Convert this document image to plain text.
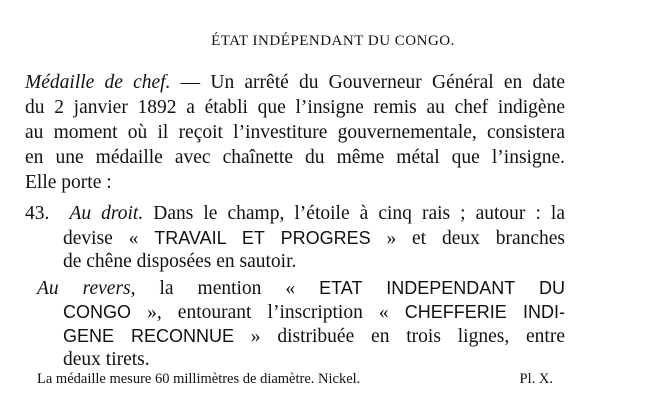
ÉTAT INDÉPENDANT DU CONGO.
Médaille de chef. — Un arrêté du Gouverneur Général en date
du 2 janvier 1892 a établi que l’insigne remis au chef indigène
au moment où il reçoit l’investiture gouvernementale, consistera
en une médaille avec chaînette du même métal que l’insigne.
Elle porte :
43. Au droit. Dans le champ, l’étoile à cinq rais ; autour : la
devise « TRAVAIL ET PROGRES » et deux branches
de chêne disposées en sautoir.
Au revers, la mention « ETAT INDEPENDANT DU
CONGO », entourant l’inscription « CHEFFERIE INDI-
GENE RECONNUE » distribuée en trois lignes, entre
deux tirets.
La médaille mesure 60 millimètres de diamètre. Nickel.	Pl. X.
